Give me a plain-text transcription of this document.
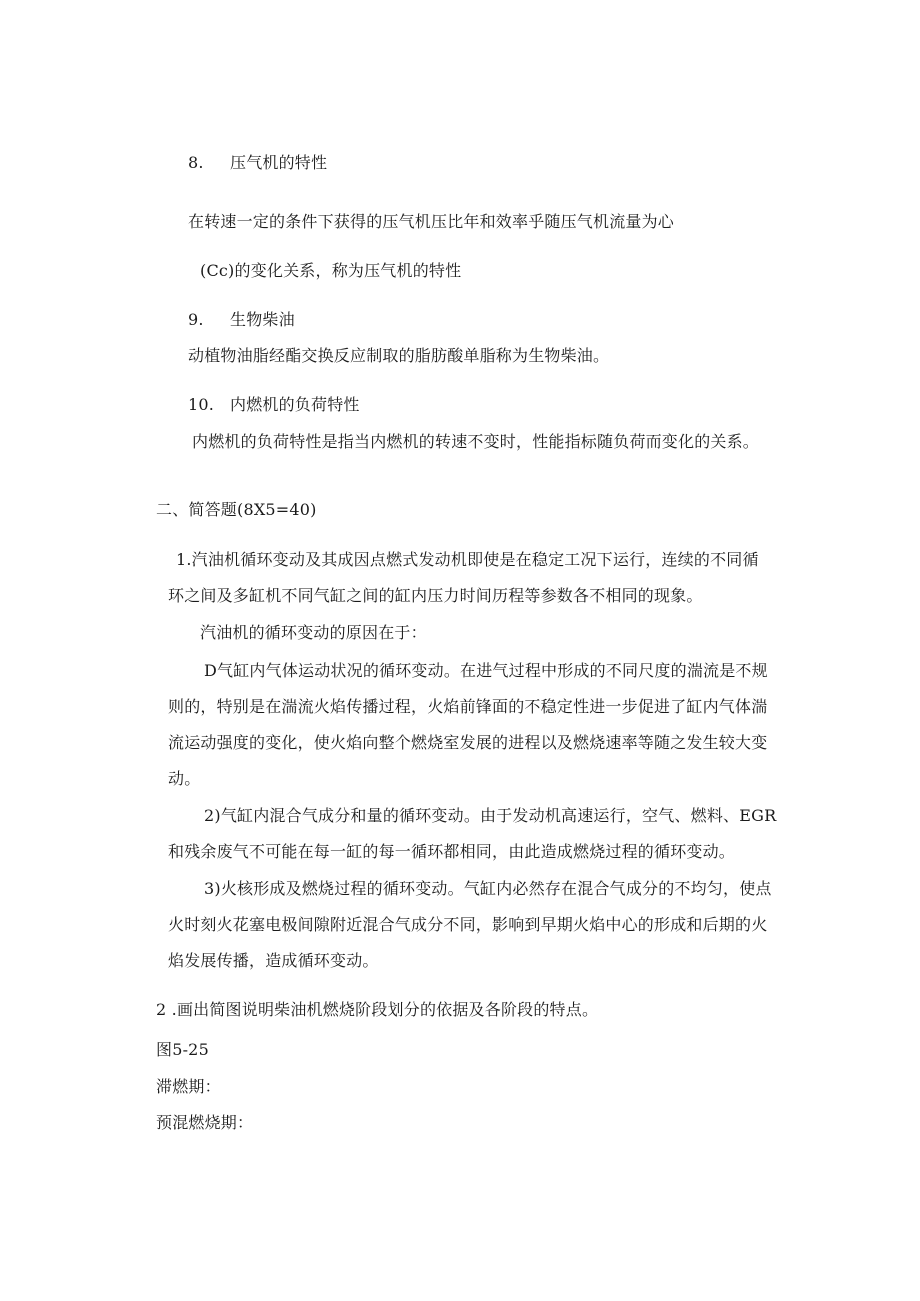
8. 压气机的特性
在转速一定的条件下获得的压气机压比年和效率乎随压气机流量为心
(Cc)的变化关系，称为压气机的特性
9. 生物柴油
动植物油脂经酯交换反应制取的脂肪酸单脂称为生物柴油。
10. 内燃机的负荷特性
内燃机的负荷特性是指当内燃机的转速不变时，性能指标随负荷而变化的关系。
二、简答题(8X5=40)
1.汽油机循环变动及其成因点燃式发动机即使是在稳定工况下运行，连续的不同循
环之间及多缸机不同气缸之间的缸内压力时间历程等参数各不相同的现象。
汽油机的循环变动的原因在于：
D气缸内气体运动状况的循环变动。在进气过程中形成的不同尺度的湍流是不规
则的，特别是在湍流火焰传播过程，火焰前锋面的不稳定性进一步促进了缸内气体湍
流运动强度的变化，使火焰向整个燃烧室发展的进程以及燃烧速率等随之发生较大变
动。
2)气缸内混合气成分和量的循环变动。由于发动机高速运行，空气、燃料、EGR
和残余废气不可能在每一缸的每一循环都相同，由此造成燃烧过程的循环变动。
3)火核形成及燃烧过程的循环变动。气缸内必然存在混合气成分的不均匀，使点
火时刻火花塞电极间隙附近混合气成分不同，影响到早期火焰中心的形成和后期的火
焰发展传播，造成循环变动。
2 .画出简图说明柴油机燃烧阶段划分的依据及各阶段的特点。
图5-25
滞燃期：
预混燃烧期：
